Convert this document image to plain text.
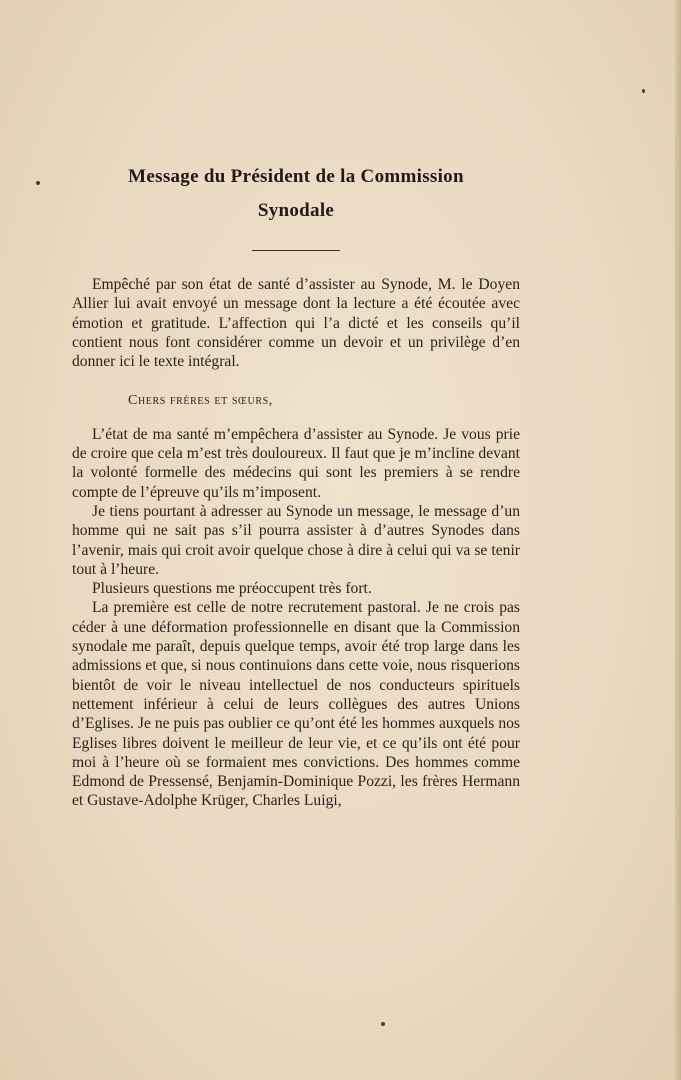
Message du Président de la Commission
Synodale

Empêché par son état de santé d’assister au Synode, M. le Doyen Allier lui avait envoyé un message dont la lecture a été écoutée avec émotion et gratitude. L’affection qui l’a dicté et les conseils qu’il contient nous font considérer comme un devoir et un privilège d’en donner ici le texte intégral.

Chers frères et sœurs,

L’état de ma santé m’empêchera d’assister au Synode. Je vous prie de croire que cela m’est très douloureux. Il faut que je m’incline devant la volonté formelle des médecins qui sont les premiers à se rendre compte de l’épreuve qu’ils m’imposent.

Je tiens pourtant à adresser au Synode un message, le message d’un homme qui ne sait pas s’il pourra assister à d’autres Synodes dans l’avenir, mais qui croit avoir quelque chose à dire à celui qui va se tenir tout à l’heure.

Plusieurs questions me préoccupent très fort.

La première est celle de notre recrutement pastoral. Je ne crois pas céder à une déformation professionnelle en disant que la Commission synodale me paraît, depuis quelque temps, avoir été trop large dans les admissions et que, si nous continuions dans cette voie, nous risquerions bientôt de voir le niveau intellectuel de nos conducteurs spirituels nettement inférieur à celui de leurs collègues des autres Unions d’Eglises. Je ne puis pas oublier ce qu’ont été les hommes auxquels nos Eglises libres doivent le meilleur de leur vie, et ce qu’ils ont été pour moi à l’heure où se formaient mes convictions. Des hommes comme Edmond de Pressensé, Benjamin-Dominique Pozzi, les frères Hermann et Gustave-Adolphe Krüger, Charles Luigi,
